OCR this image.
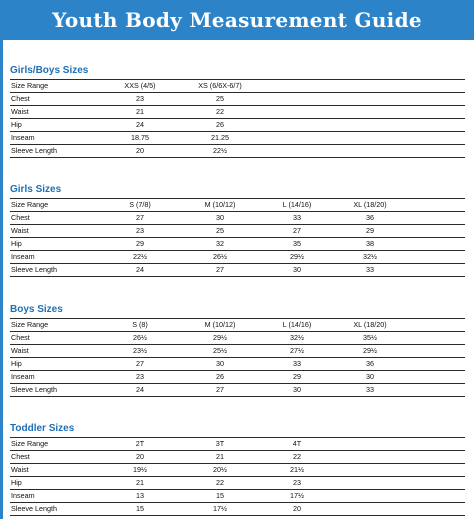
Youth Body Measurement Guide
Girls/Boys Sizes
Size Range	XXS (4/5)	XS (6/6X-6/7)
Chest	23	25
Waist	21	22
Hip	24	26
Inseam	18.75	21.25
Sleeve Length	20	22½
Girls Sizes
Size Range	S (7/8)	M (10/12)	L (14/16)	XL (18/20)
Chest	27	30	33	36
Waist	23	25	27	29
Hip	29	32	35	38
Inseam	22½	26½	29½	32½
Sleeve Length	24	27	30	33
Boys Sizes
Size Range	S (8)	M (10/12)	L (14/16)	XL (18/20)
Chest	26½	29½	32½	35½
Waist	23½	25½	27½	29½
Hip	27	30	33	36
Inseam	23	26	29	30
Sleeve Length	24	27	30	33
Toddler Sizes
Size Range	2T	3T	4T
Chest	20	21	22
Waist	19½	20½	21½
Hip	21	22	23
Inseam	13	15	17½
Sleeve Length	15	17½	20
